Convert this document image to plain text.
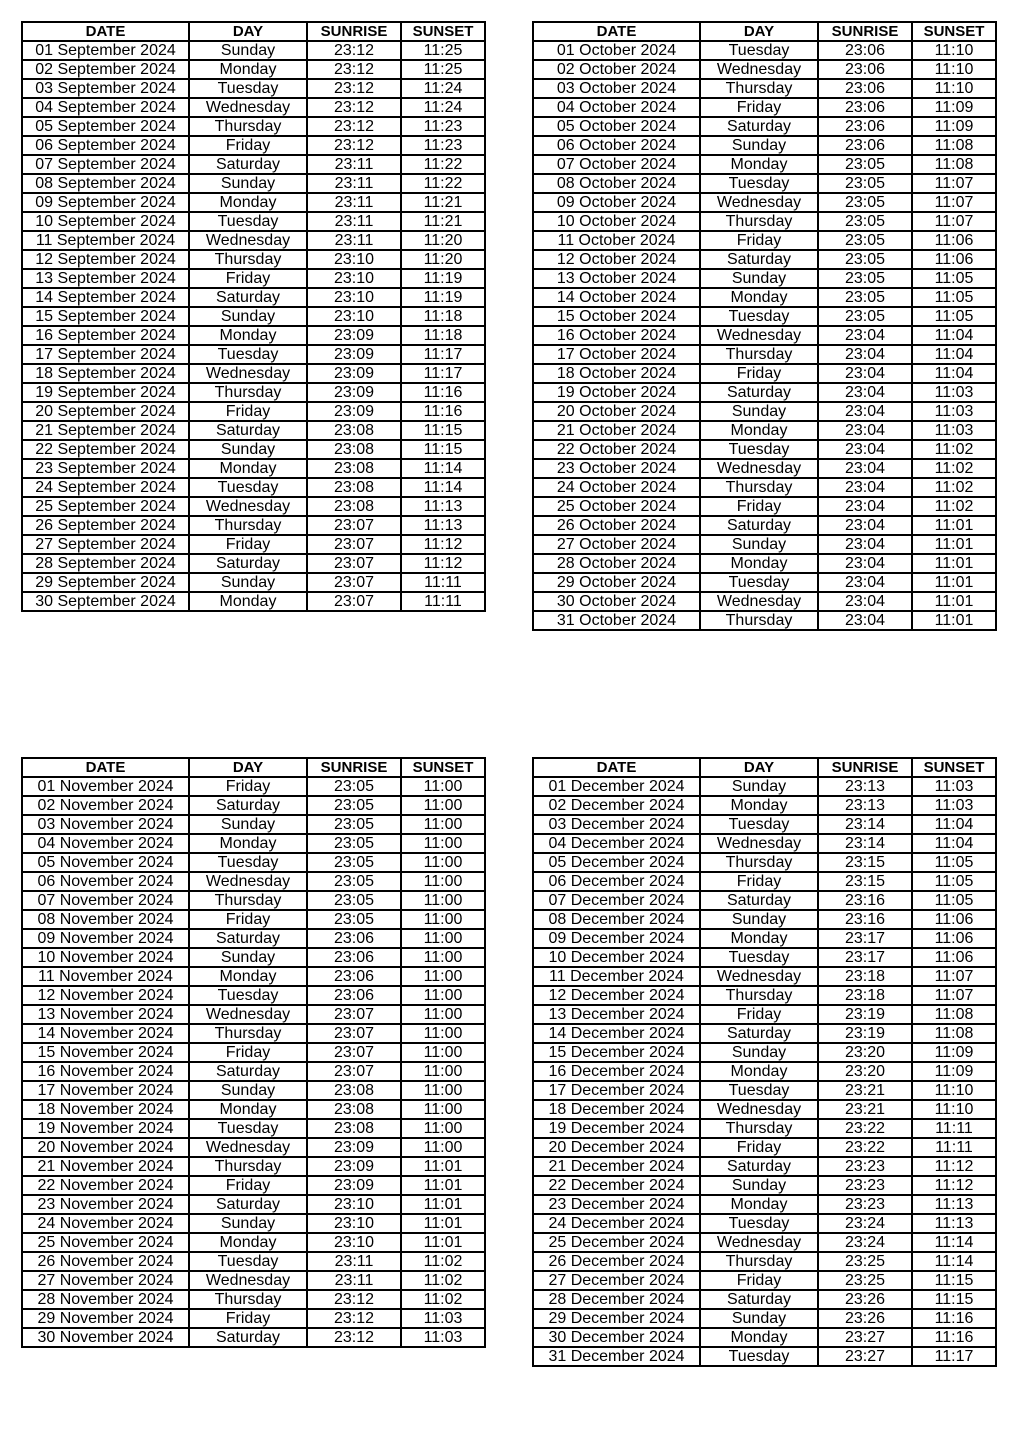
DATE	DAY	SUNRISE	SUNSET
01 September 2024	Sunday	23:12	11:25
02 September 2024	Monday	23:12	11:25
03 September 2024	Tuesday	23:12	11:24
04 September 2024	Wednesday	23:12	11:24
05 September 2024	Thursday	23:12	11:23
06 September 2024	Friday	23:12	11:23
07 September 2024	Saturday	23:11	11:22
08 September 2024	Sunday	23:11	11:22
09 September 2024	Monday	23:11	11:21
10 September 2024	Tuesday	23:11	11:21
11 September 2024	Wednesday	23:11	11:20
12 September 2024	Thursday	23:10	11:20
13 September 2024	Friday	23:10	11:19
14 September 2024	Saturday	23:10	11:19
15 September 2024	Sunday	23:10	11:18
16 September 2024	Monday	23:09	11:18
17 September 2024	Tuesday	23:09	11:17
18 September 2024	Wednesday	23:09	11:17
19 September 2024	Thursday	23:09	11:16
20 September 2024	Friday	23:09	11:16
21 September 2024	Saturday	23:08	11:15
22 September 2024	Sunday	23:08	11:15
23 September 2024	Monday	23:08	11:14
24 September 2024	Tuesday	23:08	11:14
25 September 2024	Wednesday	23:08	11:13
26 September 2024	Thursday	23:07	11:13
27 September 2024	Friday	23:07	11:12
28 September 2024	Saturday	23:07	11:12
29 September 2024	Sunday	23:07	11:11
30 September 2024	Monday	23:07	11:11
DATE	DAY	SUNRISE	SUNSET
01 October 2024	Tuesday	23:06	11:10
02 October 2024	Wednesday	23:06	11:10
03 October 2024	Thursday	23:06	11:10
04 October 2024	Friday	23:06	11:09
05 October 2024	Saturday	23:06	11:09
06 October 2024	Sunday	23:06	11:08
07 October 2024	Monday	23:05	11:08
08 October 2024	Tuesday	23:05	11:07
09 October 2024	Wednesday	23:05	11:07
10 October 2024	Thursday	23:05	11:07
11 October 2024	Friday	23:05	11:06
12 October 2024	Saturday	23:05	11:06
13 October 2024	Sunday	23:05	11:05
14 October 2024	Monday	23:05	11:05
15 October 2024	Tuesday	23:05	11:05
16 October 2024	Wednesday	23:04	11:04
17 October 2024	Thursday	23:04	11:04
18 October 2024	Friday	23:04	11:04
19 October 2024	Saturday	23:04	11:03
20 October 2024	Sunday	23:04	11:03
21 October 2024	Monday	23:04	11:03
22 October 2024	Tuesday	23:04	11:02
23 October 2024	Wednesday	23:04	11:02
24 October 2024	Thursday	23:04	11:02
25 October 2024	Friday	23:04	11:02
26 October 2024	Saturday	23:04	11:01
27 October 2024	Sunday	23:04	11:01
28 October 2024	Monday	23:04	11:01
29 October 2024	Tuesday	23:04	11:01
30 October 2024	Wednesday	23:04	11:01
31 October 2024	Thursday	23:04	11:01
DATE	DAY	SUNRISE	SUNSET
01 November 2024	Friday	23:05	11:00
02 November 2024	Saturday	23:05	11:00
03 November 2024	Sunday	23:05	11:00
04 November 2024	Monday	23:05	11:00
05 November 2024	Tuesday	23:05	11:00
06 November 2024	Wednesday	23:05	11:00
07 November 2024	Thursday	23:05	11:00
08 November 2024	Friday	23:05	11:00
09 November 2024	Saturday	23:06	11:00
10 November 2024	Sunday	23:06	11:00
11 November 2024	Monday	23:06	11:00
12 November 2024	Tuesday	23:06	11:00
13 November 2024	Wednesday	23:07	11:00
14 November 2024	Thursday	23:07	11:00
15 November 2024	Friday	23:07	11:00
16 November 2024	Saturday	23:07	11:00
17 November 2024	Sunday	23:08	11:00
18 November 2024	Monday	23:08	11:00
19 November 2024	Tuesday	23:08	11:00
20 November 2024	Wednesday	23:09	11:00
21 November 2024	Thursday	23:09	11:01
22 November 2024	Friday	23:09	11:01
23 November 2024	Saturday	23:10	11:01
24 November 2024	Sunday	23:10	11:01
25 November 2024	Monday	23:10	11:01
26 November 2024	Tuesday	23:11	11:02
27 November 2024	Wednesday	23:11	11:02
28 November 2024	Thursday	23:12	11:02
29 November 2024	Friday	23:12	11:03
30 November 2024	Saturday	23:12	11:03
DATE	DAY	SUNRISE	SUNSET
01 December 2024	Sunday	23:13	11:03
02 December 2024	Monday	23:13	11:03
03 December 2024	Tuesday	23:14	11:04
04 December 2024	Wednesday	23:14	11:04
05 December 2024	Thursday	23:15	11:05
06 December 2024	Friday	23:15	11:05
07 December 2024	Saturday	23:16	11:05
08 December 2024	Sunday	23:16	11:06
09 December 2024	Monday	23:17	11:06
10 December 2024	Tuesday	23:17	11:06
11 December 2024	Wednesday	23:18	11:07
12 December 2024	Thursday	23:18	11:07
13 December 2024	Friday	23:19	11:08
14 December 2024	Saturday	23:19	11:08
15 December 2024	Sunday	23:20	11:09
16 December 2024	Monday	23:20	11:09
17 December 2024	Tuesday	23:21	11:10
18 December 2024	Wednesday	23:21	11:10
19 December 2024	Thursday	23:22	11:11
20 December 2024	Friday	23:22	11:11
21 December 2024	Saturday	23:23	11:12
22 December 2024	Sunday	23:23	11:12
23 December 2024	Monday	23:23	11:13
24 December 2024	Tuesday	23:24	11:13
25 December 2024	Wednesday	23:24	11:14
26 December 2024	Thursday	23:25	11:14
27 December 2024	Friday	23:25	11:15
28 December 2024	Saturday	23:26	11:15
29 December 2024	Sunday	23:26	11:16
30 December 2024	Monday	23:27	11:16
31 December 2024	Tuesday	23:27	11:17
